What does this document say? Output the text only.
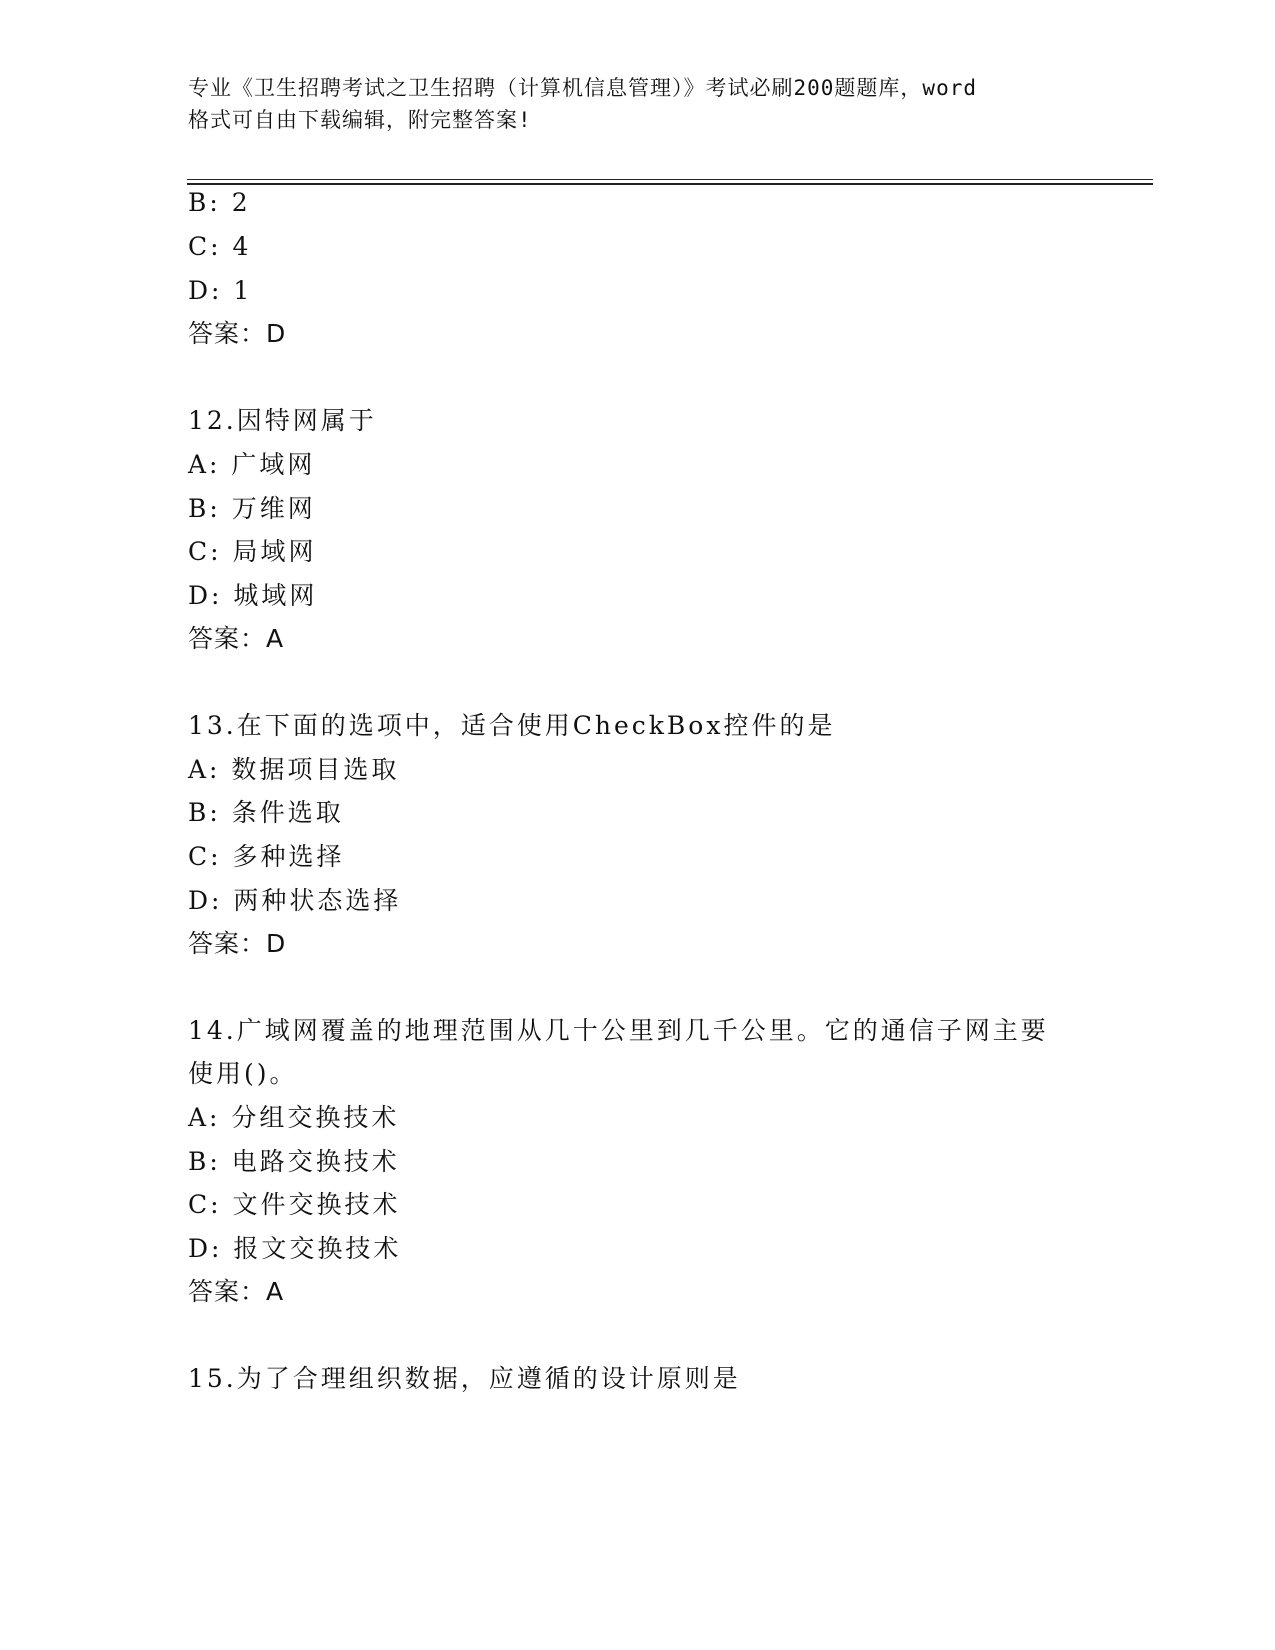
专业《卫生招聘考试之卫生招聘（计算机信息管理）》考试必刷200题题库，word
格式可自由下载编辑，附完整答案!
B: 2
C: 4
D: 1
答案：D
12.因特网属于
A: 广域网
B: 万维网
C: 局域网
D: 城域网
答案：A
13.在下面的选项中，适合使用CheckBox控件的是
A: 数据项目选取
B: 条件选取
C: 多种选择
D: 两种状态选择
答案：D
14.广域网覆盖的地理范围从几十公里到几千公里。它的通信子网主要
使用()。
A: 分组交换技术
B: 电路交换技术
C: 文件交换技术
D: 报文交换技术
答案：A
15.为了合理组织数据，应遵循的设计原则是
